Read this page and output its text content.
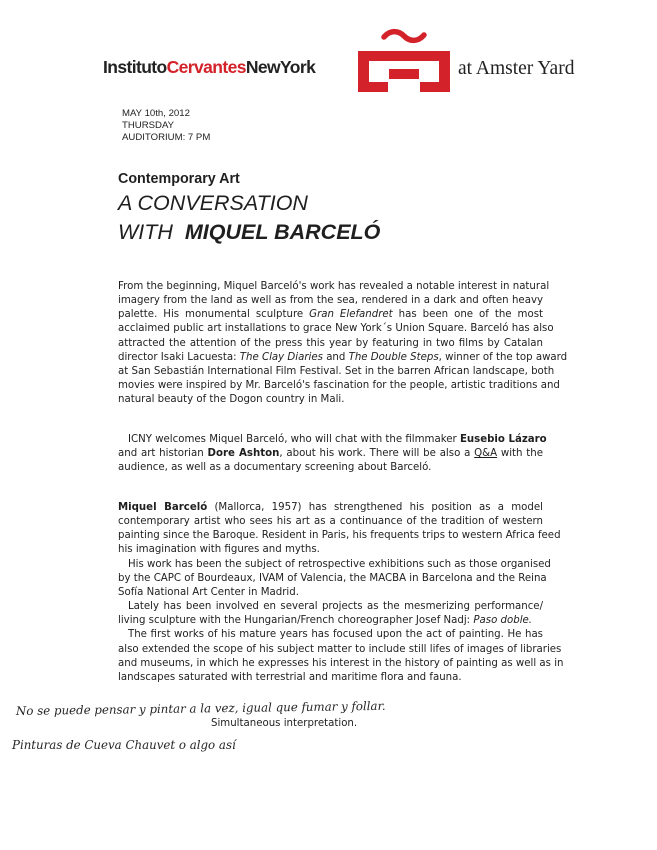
InstitutoCervantesNewYork	at Amster Yard
MAY 10th, 2012
THURSDAY
AUDITORIUM: 7 PM
Contemporary Art
A CONVERSATION
WITH MIQUEL BARCELÓ
From the beginning, Miquel Barceló's work has revealed a notable interest in natural
imagery from the land as well as from the sea, rendered in a dark and often heavy
palette. His monumental sculpture Gran Elefandret has been one of the most
acclaimed public art installations to grace New York´s Union Square. Barceló has also
attracted the attention of the press this year by featuring in two films by Catalan
director Isaki Lacuesta: The Clay Diaries and The Double Steps, winner of the top award
at San Sebastián International Film Festival. Set in the barren African landscape, both
movies were inspired by Mr. Barceló's fascination for the people, artistic traditions and
natural beauty of the Dogon country in Mali.
ICNY welcomes Miquel Barceló, who will chat with the filmmaker Eusebio Lázaro
and art historian Dore Ashton, about his work. There will be also a Q&A with the
audience, as well as a documentary screening about Barceló.
Miquel Barceló (Mallorca, 1957) has strengthened his position as a model
contemporary artist who sees his art as a continuance of the tradition of western
painting since the Baroque. Resident in Paris, his frequents trips to western Africa feed
his imagination with figures and myths.
His work has been the subject of retrospective exhibitions such as those organised
by the CAPC of Bourdeaux, IVAM of Valencia, the MACBA in Barcelona and the Reina
Sofía National Art Center in Madrid.
Lately has been involved en several projects as the mesmerizing performance/
living sculpture with the Hungarian/French choreographer Josef Nadj: Paso doble.
The first works of his mature years has focused upon the act of painting. He has
also extended the scope of his subject matter to include still lifes of images of libraries
and museums, in which he expresses his interest in the history of painting as well as in
landscapes saturated with terrestrial and maritime flora and fauna.
No se puede pensar y pintar a la vez, igual que fumar y follar.
Simultaneous interpretation.
Pinturas de Cueva Chauvet o algo así
